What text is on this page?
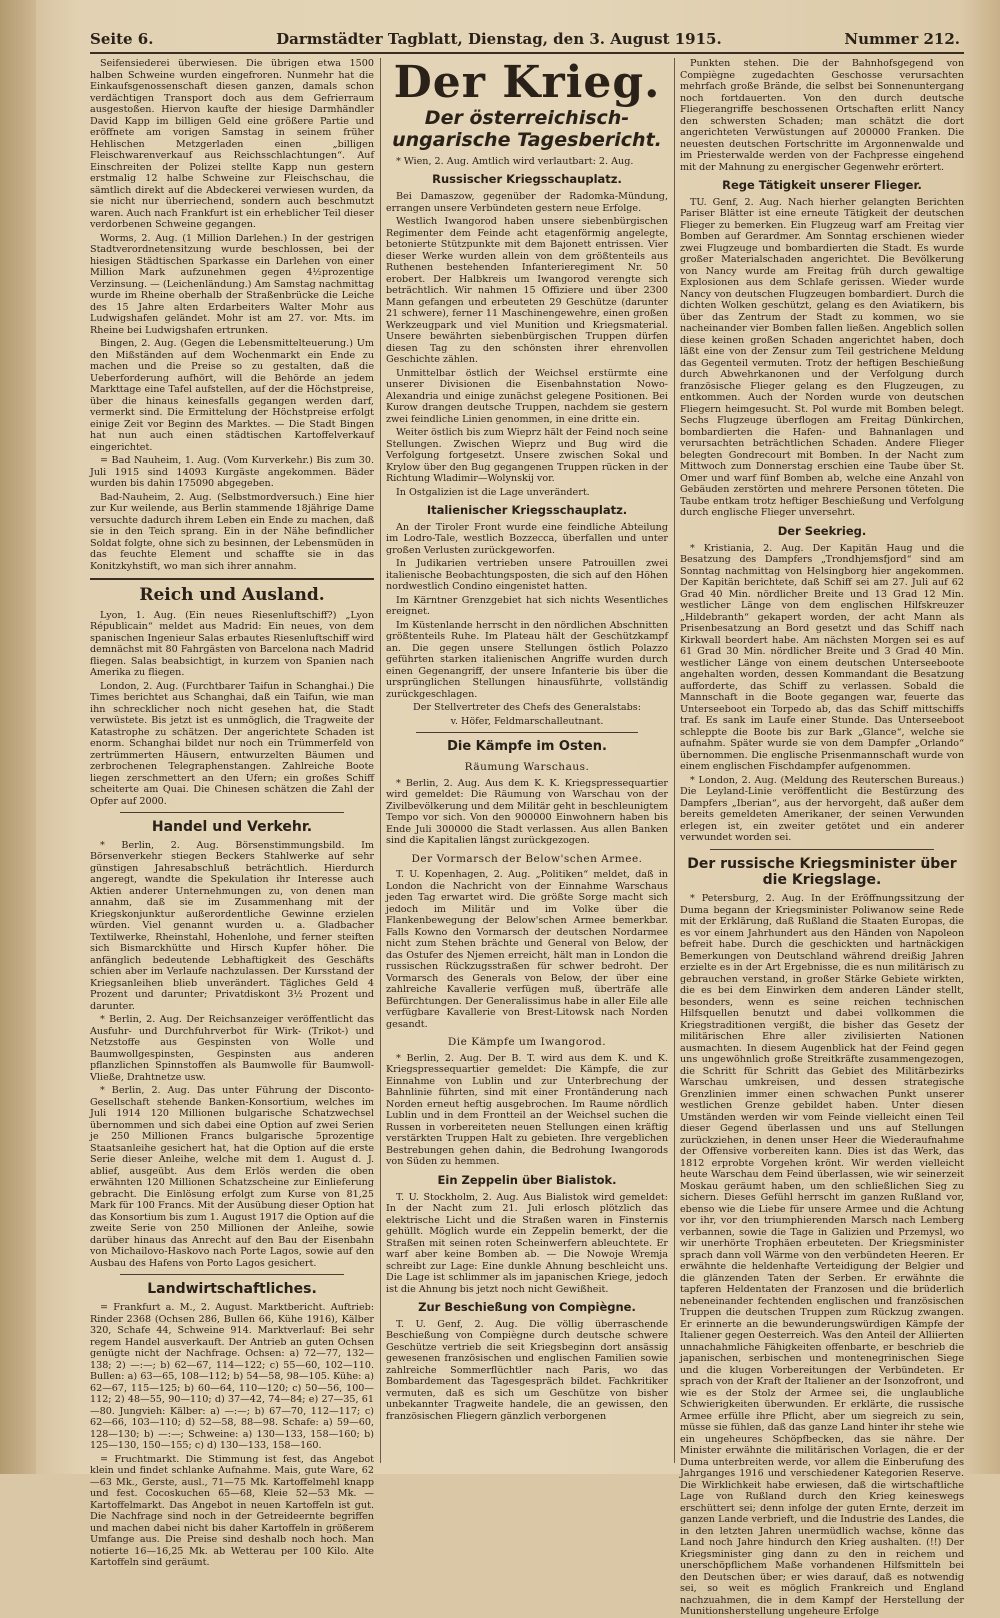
Seite 6.	Darmstädter Tagblatt, Dienstag, den 3. August 1915.	Nummer 212.

Seifensiederei überwiesen. Die übrigen etwa 1500 halben Schweine wurden eingefroren. Nunmehr hat die Einkaufsgenossenschaft diesen ganzen, damals schon verdächtigen Transport doch aus dem Gefrierraum ausgestoßen. Hiervon kaufte der hiesige Darmhändler David Kapp im billigen Geld eine größere Partie und eröffnete am vorigen Samstag in seinem früher Hehlischen Metzgerladen einen „billigen Fleischwarenverkauf aus Reichsschlachtungen“. Auf Einschreiten der Polizei stellte Kapp nun gestern erstmalig 12 halbe Schweine zur Fleischschau, die sämtlich direkt auf die Abdeckerei verwiesen wurden, da sie nicht nur überriechend, sondern auch beschmutzt waren. Auch nach Frankfurt ist ein erheblicher Teil dieser verdorbenen Schweine gegangen.

Worms, 2. Aug. (1 Million Darlehen.) In der gestrigen Stadtverordnetensitzung wurde beschlossen, bei der hiesigen Städtischen Sparkasse ein Darlehen von einer Million Mark aufzunehmen gegen 4½prozentige Verzinsung. — (Leichenländung.) Am Samstag nachmittag wurde im Rheine oberhalb der Straßenbrücke die Leiche des 15 Jahre alten Erdarbeiters Walter Mohr aus Ludwigshafen geländet. Mohr ist am 27. vor. Mts. im Rheine bei Ludwigshafen ertrunken.

Bingen, 2. Aug. (Gegen die Lebensmittelteuerung.) Um den Mißständen auf dem Wochenmarkt ein Ende zu machen und die Preise so zu gestalten, daß die Ueberforderung aufhört, will die Behörde an jedem Markttage eine Tafel aufstellen, auf der die Höchstpreise, über die hinaus keinesfalls gegangen werden darf, vermerkt sind. Die Ermittelung der Höchstpreise erfolgt einige Zeit vor Beginn des Marktes. — Die Stadt Bingen hat nun auch einen städtischen Kartoffelverkauf eingerichtet.

= Bad Nauheim, 1. Aug. (Vom Kurverkehr.) Bis zum 30. Juli 1915 sind 14093 Kurgäste angekommen. Bäder wurden bis dahin 175090 abgegeben.

Bad-Nauheim, 2. Aug. (Selbstmordversuch.) Eine hier zur Kur weilende, aus Berlin stammende 18jährige Dame versuchte dadurch ihrem Leben ein Ende zu machen, daß sie in den Teich sprang. Ein in der Nähe befindlicher Soldat folgte, ohne sich zu besinnen, der Lebensmüden in das feuchte Element und schaffte sie in das Konitzkyhstift, wo man sich ihrer annahm.

Reich und Ausland.

Lyon, 1. Aug. (Ein neues Riesenluftschiff?) „Lyon Républicain“ meldet aus Madrid: Ein neues, von dem spanischen Ingenieur Salas erbautes Riesenluftschiff wird demnächst mit 80 Fahrgästen von Barcelona nach Madrid fliegen. Salas beabsichtigt, in kurzem von Spanien nach Amerika zu fliegen.

London, 2. Aug. (Furchtbarer Taifun in Schanghai.) Die Times berichtet aus Schanghai, daß ein Taifun, wie man ihn schrecklicher noch nicht gesehen hat, die Stadt verwüstete. Bis jetzt ist es unmöglich, die Tragweite der Katastrophe zu schätzen. Der angerichtete Schaden ist enorm. Schanghai bildet nur noch ein Trümmerfeld von zertrümmerten Häusern, entwurzelten Bäumen und zerbrochenen Telegraphenstangen. Zahlreiche Boote liegen zerschmettert an den Ufern; ein großes Schiff scheiterte am Quai. Die Chinesen schätzen die Zahl der Opfer auf 2000.

Handel und Verkehr.

* Berlin, 2. Aug. Börsenstimmungsbild. Im Börsenverkehr stiegen Beckers Stahlwerke auf sehr günstigen Jahresabschluß beträchtlich. Hierdurch angeregt, wandte die Spekulation ihr Interesse auch Aktien anderer Unternehmungen zu, von denen man annahm, daß sie im Zusammenhang mit der Kriegskonjunktur außerordentliche Gewinne erzielen würden. Viel genannt wurden u. a. Gladbacher Textilwerke, Rheinstahl, Hohenlohe, und ferner steiften sich Bismarckhütte und Hirsch Kupfer höher. Die anfänglich bedeutende Lebhaftigkeit des Geschäfts schien aber im Verlaufe nachzulassen. Der Kursstand der Kriegsanleihen blieb unverändert. Tägliches Geld 4 Prozent und darunter; Privatdiskont 3½ Prozent und darunter.

* Berlin, 2. Aug. Der Reichsanzeiger veröffentlicht das Ausfuhr- und Durchfuhrverbot für Wirk- (Trikot-) und Netzstoffe aus Gespinsten von Wolle und Baumwollgespinsten, Gespinsten aus anderen pflanzlichen Spinnstoffen als Baumwolle für Baumwoll-Vließe, Drahtnetze usw.

* Berlin, 2. Aug. Das unter Führung der Disconto-Gesellschaft stehende Banken-Konsortium, welches im Juli 1914 120 Millionen bulgarische Schatzwechsel übernommen und sich dabei eine Option auf zwei Serien je 250 Millionen Francs bulgarische 5prozentige Staatsanleihe gesichert hat, hat die Option auf die erste Serie dieser Anleihe, welche mit dem 1. August d. J. ablief, ausgeübt. Aus dem Erlös werden die oben erwähnten 120 Millionen Schatzscheine zur Einlieferung gebracht. Die Einlösung erfolgt zum Kurse von 81,25 Mark für 100 Francs. Mit der Ausübung dieser Option hat das Konsortium bis zum 1. August 1917 die Option auf die zweite Serie von 250 Millionen der Anleihe, sowie darüber hinaus das Anrecht auf den Bau der Eisenbahn von Michailovo-Haskovo nach Porte Lagos, sowie auf den Ausbau des Hafens von Porto Lagos gesichert.

Landwirtschaftliches.

= Frankfurt a. M., 2. August. Marktbericht. Auftrieb: Rinder 2368 (Ochsen 286, Bullen 66, Kühe 1916), Kälber 320, Schafe 44, Schweine 914. Marktverlauf: Bei sehr regem Handel ausverkauft. Der Antrieb an guten Ochsen genügte nicht der Nachfrage. Ochsen: a) 72—77, 132—138; 2) —:—; b) 62—67, 114—122; c) 55—60, 102—110. Bullen: a) 63—65, 108—112; b) 54—58, 98—105. Kühe: a) 62—67, 115—125; b) 60—64, 110—120; c) 50—56, 100—112; 2) 48—55, 90—110; d) 37—42, 74—84; e) 27—35, 61—80. Jungvieh: Kälber: a) —:—; b) 67—70, 112—117; c) 62—66, 103—110; d) 52—58, 88—98. Schafe: a) 59—60, 128—130; b) —:—; Schweine: a) 130—133, 158—160; b) 125—130, 150—155; c) d) 130—133, 158—160.

= Fruchtmarkt. Die Stimmung ist fest, das Angebot klein und findet schlanke Aufnahme. Mais, gute Ware, 62—63 Mk., Gerste, ausl., 71—75 Mk. Kartoffelmehl knapp und fest. Cocoskuchen 65—68, Kleie 52—53 Mk. — Kartoffelmarkt. Das Angebot in neuen Kartoffeln ist gut. Die Nachfrage sind noch in der Getreideernte begriffen und machen dabei nicht bis daher Kartoffeln in größerem Umfange aus. Die Preise sind deshalb noch hoch. Man notierte 16—16,25 Mk. ab Wetterau per 100 Kilo. Alte Kartoffeln sind geräumt.

Der Krieg.
Der österreichisch-ungarische Tagesbericht.

* Wien, 2. Aug. Amtlich wird verlautbart: 2. Aug.

Russischer Kriegsschauplatz.

Bei Damaszow, gegenüber der Radomka-Mündung, errangen unsere Verbündeten gestern neue Erfolge.

Westlich Iwangorod haben unsere siebenbürgischen Regimenter dem Feinde acht etagenförmig angelegte, betonierte Stützpunkte mit dem Bajonett entrissen. Vier dieser Werke wurden allein von dem größtenteils aus Ruthenen bestehenden Infanterieregiment Nr. 50 erobert. Der Halbkreis um Iwangorod verengte sich beträchtlich. Wir nahmen 15 Offiziere und über 2300 Mann gefangen und erbeuteten 29 Geschütze (darunter 21 schwere), ferner 11 Maschinengewehre, einen großen Werkzeugpark und viel Munition und Kriegsmaterial. Unsere bewährten siebenbürgischen Truppen dürfen diesen Tag zu den schönsten ihrer ehrenvollen Geschichte zählen.

Unmittelbar östlich der Weichsel erstürmte eine unserer Divisionen die Eisenbahnstation Nowo-Alexandria und einige zunächst gelegene Positionen. Bei Kurow drangen deutsche Truppen, nachdem sie gestern zwei feindliche Linien genommen, in eine dritte ein.

Weiter östlich bis zum Wieprz hält der Feind noch seine Stellungen. Zwischen Wieprz und Bug wird die Verfolgung fortgesetzt. Unsere zwischen Sokal und Krylow über den Bug gegangenen Truppen rücken in der Richtung Wladimir—Wolynskij vor.

In Ostgalizien ist die Lage unverändert.

Italienischer Kriegsschauplatz.

An der Tiroler Front wurde eine feindliche Abteilung im Lodro-Tale, westlich Bozzecca, überfallen und unter großen Verlusten zurückgeworfen.

In Judikarien vertrieben unsere Patrouillen zwei italienische Beobachtungsposten, die sich auf den Höhen nordwestlich Condino eingenistet hatten.

Im Kärntner Grenzgebiet hat sich nichts Wesentliches ereignet.

Im Küstenlande herrscht in den nördlichen Abschnitten größtenteils Ruhe. Im Plateau hält der Geschützkampf an. Die gegen unsere Stellungen östlich Polazzo geführten starken italienischen Angriffe wurden durch einen Gegenangriff, der unsere Infanterie bis über die ursprünglichen Stellungen hinausführte, vollständig zurückgeschlagen.

Der Stellvertreter des Chefs des Generalstabs:
v. Höfer, Feldmarschalleutnant.
Die Kämpfe im Osten.
Räumung Warschaus.

* Berlin, 2. Aug. Aus dem K. K. Kriegspressequartier wird gemeldet: Die Räumung von Warschau von der Zivilbevölkerung und dem Militär geht in beschleunigtem Tempo vor sich. Von den 900000 Einwohnern haben bis Ende Juli 300000 die Stadt verlassen. Aus allen Banken sind die Kapitalien längst zurückgezogen.

Der Vormarsch der Below'schen Armee.

T. U. Kopenhagen, 2. Aug. „Politiken“ meldet, daß in London die Nachricht von der Einnahme Warschaus jeden Tag erwartet wird. Die größte Sorge macht sich jedoch im Militär und im Volke über die Flankenbewegung der Below'schen Armee bemerkbar. Falls Kowno den Vormarsch der deutschen Nordarmee nicht zum Stehen brächte und General von Below, der das Ostufer des Njemen erreicht, hält man in London die russischen Rückzugsstraßen für schwer bedroht. Der Vormarsch des Generals von Below, der über eine zahlreiche Kavallerie verfügen muß, überträfe alle Befürchtungen. Der Generalissimus habe in aller Eile alle verfügbare Kavallerie von Brest-Litowsk nach Norden gesandt.

Die Kämpfe um Iwangorod.

* Berlin, 2. Aug. Der B. T. wird aus dem K. und K. Kriegspressequartier gemeldet: Die Kämpfe, die zur Einnahme von Lublin und zur Unterbrechung der Bahnlinie führten, sind mit einer Frontänderung nach Norden erneut heftig ausgebrochen. Im Raume nördlich Lublin und in dem Frontteil an der Weichsel suchen die Russen in vorbereiteten neuen Stellungen einen kräftig verstärkten Truppen Halt zu gebieten. Ihre vergeblichen Bestrebungen gehen dahin, die Bedrohung Iwangorods von Süden zu hemmen.

Ein Zeppelin über Bialistok.

T. U. Stockholm, 2. Aug. Aus Bialistok wird gemeldet: In der Nacht zum 21. Juli erlosch plötzlich das elektrische Licht und die Straßen waren in Finsternis gehüllt. Möglich wurde ein Zeppelin bemerkt, der die Straßen mit seinen roten Scheinwerfern ableuchtete. Er warf aber keine Bomben ab. — Die Nowoje Wremja schreibt zur Lage: Eine dunkle Ahnung beschleicht uns. Die Lage ist schlimmer als im japanischen Kriege, jedoch ist die Ahnung bis jetzt noch nicht Gewißheit.

Zur Beschießung von Compiègne.

T. U. Genf, 2. Aug. Die völlig überraschende Beschießung von Compiègne durch deutsche schwere Geschütze vertrieb die seit Kriegsbeginn dort ansässig gewesenen französischen und englischen Familien sowie zahlreiche Sommerflüchtler nach Paris, wo das Bombardement das Tagesgespräch bildet. Fachkritiker vermuten, daß es sich um Geschütze von bisher unbekannter Tragweite handele, die an gewissen, den französischen Fliegern gänzlich verborgenen

Punkten stehen. Die der Bahnhofsgegend von Compiègne zugedachten Geschosse verursachten mehrfach große Brände, die selbst bei Sonnenuntergang noch fortdauerten. Von den durch deutsche Fliegerangriffe beschossenen Ortschaften erlitt Nancy den schwersten Schaden; man schätzt die dort angerichteten Verwüstungen auf 200000 Franken. Die neuesten deutschen Fortschritte im Argonnenwalde und im Priesterwalde werden von der Fachpresse eingehend mit der Mahnung zu energischer Gegenwehr erörtert.

Rege Tätigkeit unserer Flieger.

TU. Genf, 2. Aug. Nach hierher gelangten Berichten Pariser Blätter ist eine erneute Tätigkeit der deutschen Flieger zu bemerken. Ein Flugzeug warf am Freitag vier Bomben auf Gerardmer. Am Sonntag erschienen wieder zwei Flugzeuge und bombardierten die Stadt. Es wurde großer Materialschaden angerichtet. Die Bevölkerung von Nancy wurde am Freitag früh durch gewaltige Explosionen aus dem Schlafe gerissen. Wieder wurde Nancy von deutschen Flugzeugen bombardiert. Durch die dichten Wolken geschützt, gelang es den Aviatikern, bis über das Zentrum der Stadt zu kommen, wo sie nacheinander vier Bomben fallen ließen. Angeblich sollen diese keinen großen Schaden angerichtet haben, doch läßt eine von der Zensur zum Teil gestrichene Meldung das Gegenteil vermuten. Trotz der heftigen Beschießung durch Abwehrkanonen und der Verfolgung durch französische Flieger gelang es den Flugzeugen, zu entkommen. Auch der Norden wurde von deutschen Fliegern heimgesucht. St. Pol wurde mit Bomben belegt. Sechs Flugzeuge überflogen am Freitag Dünkirchen, bombardierten die Hafen- und Bahnanlagen und verursachten beträchtlichen Schaden. Andere Flieger belegten Gondrecourt mit Bomben. In der Nacht zum Mittwoch zum Donnerstag erschien eine Taube über St. Omer und warf fünf Bomben ab, welche eine Anzahl von Gebäuden zerstörten und mehrere Personen töteten. Die Taube entkam trotz heftiger Beschießung und Verfolgung durch englische Flieger unversehrt.

Der Seekrieg.

* Kristiania, 2. Aug. Der Kapitän Haug und die Besatzung des Dampfers „Trondhjemsfjord“ sind am Sonntag nachmittag von Helsingborg hier angekommen. Der Kapitän berichtete, daß Schiff sei am 27. Juli auf 62 Grad 40 Min. nördlicher Breite und 13 Grad 12 Min. westlicher Länge von dem englischen Hilfskreuzer „Hildebranth“ gekapert worden, der acht Mann als Prisenbesatzung an Bord gesetzt und das Schiff nach Kirkwall beordert habe. Am nächsten Morgen sei es auf 61 Grad 30 Min. nördlicher Breite und 3 Grad 40 Min. westlicher Länge von einem deutschen Unterseeboote angehalten worden, dessen Kommandant die Besatzung aufforderte, das Schiff zu verlassen. Sobald die Mannschaft in die Boote gegangen war, feuerte das Unterseeboot ein Torpedo ab, das das Schiff mittschiffs traf. Es sank im Laufe einer Stunde. Das Unterseeboot schleppte die Boote bis zur Bark „Glance“, welche sie aufnahm. Später wurde sie von dem Dampfer „Orlando“ übernommen. Die englische Prisenmannschaft wurde von einem englischen Fischdampfer aufgenommen.

* London, 2. Aug. (Meldung des Reuterschen Bureaus.) Die Leyland-Linie veröffentlicht die Bestürzung des Dampfers „Iberian“, aus der hervorgeht, daß außer dem bereits gemeldeten Amerikaner, der seinen Verwunden erlegen ist, ein zweiter getötet und ein anderer verwundet worden sei.

Der russische Kriegsminister über die Kriegslage.

* Petersburg, 2. Aug. In der Eröffnungssitzung der Duma begann der Kriegsminister Poliwanow seine Rede mit der Erklärung, daß Rußland die Staaten Europas, die es vor einem Jahrhundert aus den Händen von Napoleon befreit habe. Durch die geschickten und hartnäckigen Bemerkungen von Deutschland während dreißig Jahren erzielte es in der Art Ergebnisse, die es nun militärisch zu gebrauchen verstand, in großer Stärke Gebiete wirkten, die es bei dem Einwirken dem anderen Länder stellt, besonders, wenn es seine reichen technischen Hilfsquellen benutzt und dabei vollkommen die Kriegstraditionen vergißt, die bisher das Gesetz der militärischen Ehre aller zivilisierten Nationen ausmachten. In diesem Augenblick hat der Feind gegen uns ungewöhnlich große Streitkräfte zusammengezogen, die Schritt für Schritt das Gebiet des Militärbezirks Warschau umkreisen, und dessen strategische Grenzlinien immer einen schwachen Punkt unserer westlichen Grenze gebildet haben. Unter diesen Umständen werden wir vom Feinde vielleicht einen Teil dieser Gegend überlassen und uns auf Stellungen zurückziehen, in denen unser Heer die Wiederaufnahme der Offensive vorbereiten kann. Dies ist das Werk, das 1812 erprobte Vorgehen krönt. Wir werden vielleicht heute Warschau dem Feind überlassen, wie wir seinerzeit Moskau geräumt haben, um den schließlichen Sieg zu sichern. Dieses Gefühl herrscht im ganzen Rußland vor, ebenso wie die Liebe für unsere Armee und die Achtung vor ihr, vor den triumphierenden Marsch nach Lemberg verbannen, sowie die Tage in Galizien und Przemysl, wo wir unerhörte Trophäen erbeuteten. Der Kriegsminister sprach dann voll Wärme von den verbündeten Heeren. Er erwähnte die heldenhafte Verteidigung der Belgier und die glänzenden Taten der Serben. Er erwähnte die tapferen Heldentaten der Franzosen und die brüderlich nebeneinander fechtenden englischen und französischen Truppen die deutschen Truppen zum Rückzug zwangen. Er erinnerte an die bewunderungswürdigen Kämpfe der Italiener gegen Oesterreich. Was den Anteil der Alliierten unnachahmliche Fähigkeiten offenbarte, er beschrieb die japanischen, serbischen und montenegrinischen Siege und die klugen Vorbereitungen der Verbündeten. Er sprach von der Kraft der Italiener an der Isonzofront, und wie es der Stolz der Armee sei, die unglaubliche Schwierigkeiten überwunden. Er erklärte, die russische Armee erfülle ihre Pflicht, aber um siegreich zu sein, müsse sie fühlen, daß das ganze Land hinter ihr stehe wie ein ungeheures Schöpfbecken, das sie nähre. Der Minister erwähnte die militärischen Vorlagen, die er der Duma unterbreiten werde, vor allem die Einberufung des Jahrganges 1916 und verschiedener Kategorien Reserve. Die Wirklichkeit habe erwiesen, daß die wirtschaftliche Lage von Rußland durch den Krieg keineswegs erschüttert sei; denn infolge der guten Ernte, derzeit im ganzen Lande verbrieft, und die Industrie des Landes, die in den letzten Jahren unermüdlich wachse, könne das Land noch Jahre hindurch den Krieg aushalten. (!!) Der Kriegsminister ging dann zu den in reichem und unerschöpflichem Maße vorhandenen Hilfsmitteln bei den Deutschen über; er wies darauf, daß es notwendig sei, so weit es möglich Frankreich und England nachzuahmen, die in dem Kampf der Herstellung der Munitionsherstellung ungeheure Erfolge
